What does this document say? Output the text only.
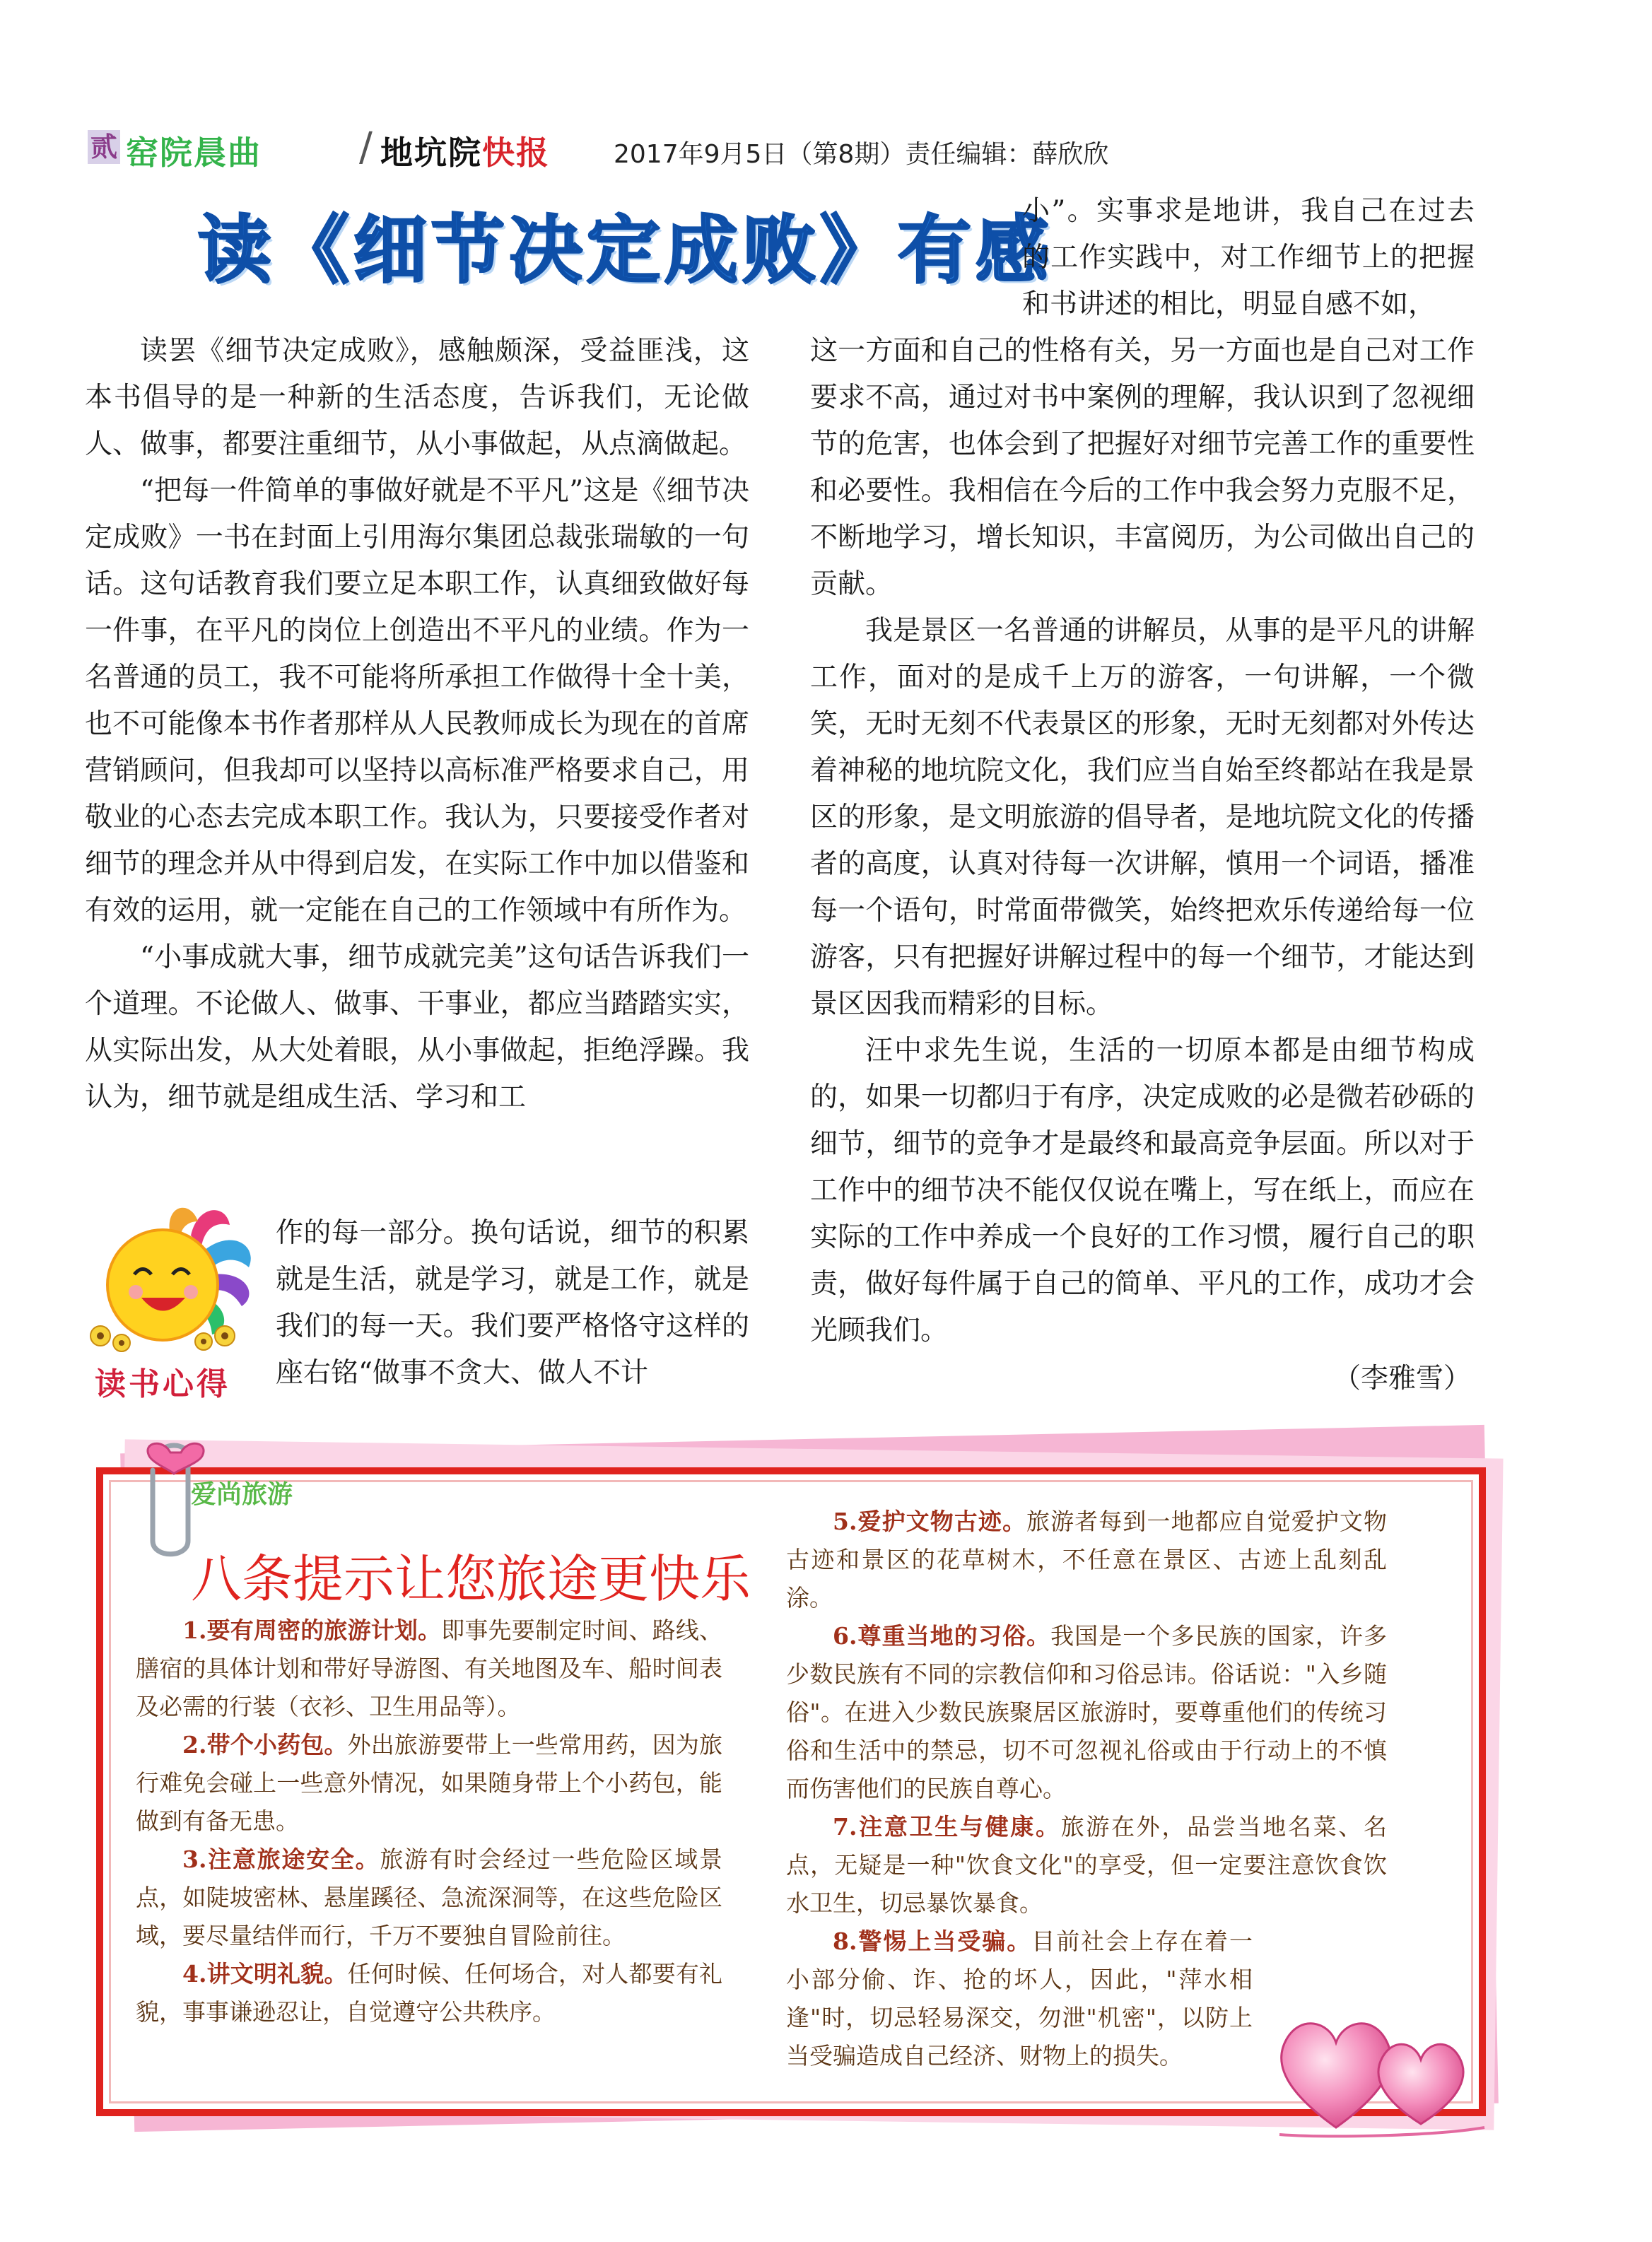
贰 窑院晨曲 / 地坑院快报	2017年9月5日（第8期）责任编辑：薛欣欣
读《细节决定成败》有感

小”。实事求是地讲，我自己在过去的工作实践中，对工作细节上的把握和书讲述的相比，明显自感不如，

读罢《细节决定成败》，感触颇深，受益匪浅，这本书倡导的是一种新的生活态度，告诉我们，无论做人、做事，都要注重细节，从小事做起，从点滴做起。

“把每一件简单的事做好就是不平凡”这是《细节决定成败》一书在封面上引用海尔集团总裁张瑞敏的一句话。这句话教育我们要立足本职工作，认真细致做好每一件事，在平凡的岗位上创造出不平凡的业绩。作为一名普通的员工，我不可能将所承担工作做得十全十美，也不可能像本书作者那样从人民教师成长为现在的首席营销顾问，但我却可以坚持以高标准严格要求自己，用敬业的心态去完成本职工作。我认为，只要接受作者对细节的理念并从中得到启发，在实际工作中加以借鉴和有效的运用，就一定能在自己的工作领域中有所作为。

“小事成就大事，细节成就完美”这句话告诉我们一个道理。不论做人、做事、干事业，都应当踏踏实实，从实际出发，从大处着眼，从小事做起，拒绝浮躁。我认为，细节就是组成生活、学习和工

作的每一部分。换句话说，细节的积累就是生活，就是学习，就是工作，就是我们的每一天。我们要严格恪守这样的座右铭“做事不贪大、做人不计

读书心得

这一方面和自己的性格有关，另一方面也是自己对工作要求不高，通过对书中案例的理解，我认识到了忽视细节的危害，也体会到了把握好对细节完善工作的重要性和必要性。我相信在今后的工作中我会努力克服不足，不断地学习，增长知识，丰富阅历，为公司做出自己的贡献。

我是景区一名普通的讲解员，从事的是平凡的讲解工作，面对的是成千上万的游客，一句讲解，一个微笑，无时无刻不代表景区的形象，无时无刻都对外传达着神秘的地坑院文化，我们应当自始至终都站在我是景区的形象，是文明旅游的倡导者，是地坑院文化的传播者的高度，认真对待每一次讲解，慎用一个词语，播准每一个语句，时常面带微笑，始终把欢乐传递给每一位游客，只有把握好讲解过程中的每一个细节，才能达到景区因我而精彩的目标。

汪中求先生说，生活的一切原本都是由细节构成的，如果一切都归于有序，决定成败的必是微若砂砾的细节，细节的竞争才是最终和最高竞争层面。所以对于工作中的细节决不能仅仅说在嘴上，写在纸上，而应在实际的工作中养成一个良好的工作习惯，履行自己的职责，做好每件属于自己的简单、平凡的工作，成功才会光顾我们。

（李雅雪）
爱尚旅游
八条提示让您旅途更快乐

1.要有周密的旅游计划。即事先要制定时间、路线、膳宿的具体计划和带好导游图、有关地图及车、船时间表及必需的行装（衣衫、卫生用品等）。

2.带个小药包。外出旅游要带上一些常用药，因为旅行难免会碰上一些意外情况，如果随身带上个小药包，能做到有备无患。

3.注意旅途安全。旅游有时会经过一些危险区域景点，如陡坡密林、悬崖蹊径、急流深洞等，在这些危险区域，要尽量结伴而行，千万不要独自冒险前往。

4.讲文明礼貌。任何时候、任何场合，对人都要有礼貌，事事谦逊忍让，自觉遵守公共秩序。

5.爱护文物古迹。旅游者每到一地都应自觉爱护文物古迹和景区的花草树木，不任意在景区、古迹上乱刻乱涂。

6.尊重当地的习俗。我国是一个多民族的国家，许多少数民族有不同的宗教信仰和习俗忌讳。俗话说："入乡随俗"。在进入少数民族聚居区旅游时，要尊重他们的传统习俗和生活中的禁忌，切不可忽视礼俗或由于行动上的不慎而伤害他们的民族自尊心。

7.注意卫生与健康。旅游在外，品尝当地名菜、名点，无疑是一种"饮食文化"的享受，但一定要注意饮食饮水卫生，切忌暴饮暴食。

8.警惕上当受骗。目前社会上存在着一小部分偷、诈、抢的坏人，因此，"萍水相逢"时，切忌轻易深交，勿泄"机密"，以防上当受骗造成自己经济、财物上的损失。
